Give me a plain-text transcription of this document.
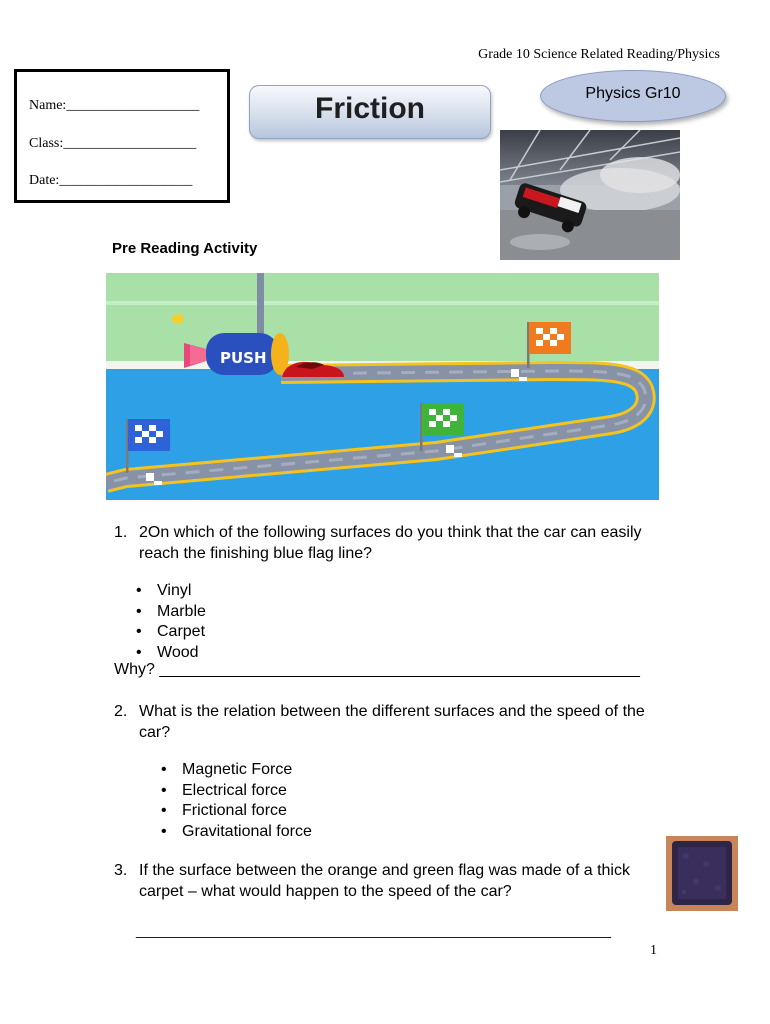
Grade 10 Science Related Reading/Physics
Name:___________________
Class:___________________
Date:___________________
Friction	Physics Gr10
Pre Reading Activity
PUSH
1. 2On which of the following surfaces do you think that the car can easily reach the finishing blue flag line?
• Vinyl
• Marble
• Carpet
• Wood
Why? ______________________________________________________
2. What is the relation between the different surfaces and the speed of the car?
• Magnetic Force
• Electrical force
• Frictional force
• Gravitational force
3. If the surface between the orange and green flag was made of a thick carpet – what would happen to the speed of the car?
_____________________________________________________________
1
